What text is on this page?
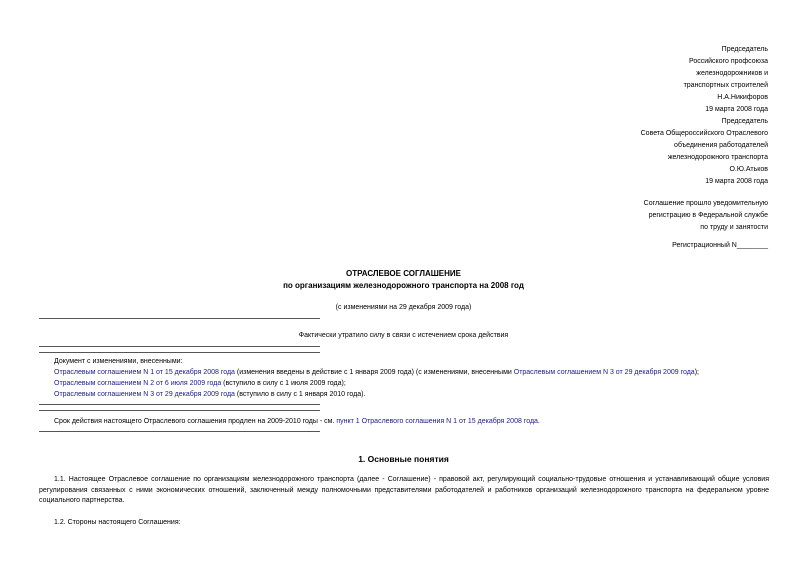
Председатель
Российского профсоюза
железнодорожников и
транспортных строителей
Н.А.Никифоров
19 марта 2008 года
Председатель
Совета Общероссийского Отраслевого
объединения работодателей
железнодорожного транспорта
О.Ю.Атьков
19 марта 2008 года
Соглашение прошло уведомительную
регистрацию в Федеральной службе
по труду и занятости
Регистрационный N________
ОТРАСЛЕВОЕ СОГЛАШЕНИЕ
по организациям железнодорожного транспорта на 2008 год
(с изменениями на 29 декабря 2009 года)
Фактически утратило силу в связи с истечением срока действия
Документ с изменениями, внесенными:
Отраслевым соглашением N 1 от 15 декабря 2008 года (изменения введены в действие с 1 января 2009 года) (с изменениями, внесенными Отраслевым соглашением N 3 от 29 декабря 2009 года);
Отраслевым соглашением N 2 от 6 июля 2009 года (вступило в силу с 1 июля 2009 года);
Отраслевым соглашением N 3 от 29 декабря 2009 года (вступило в силу с 1 января 2010 года).
Срок действия настоящего Отраслевого соглашения продлен на 2009-2010 годы - см. пункт 1 Отраслевого соглашения N 1 от 15 декабря 2008 года.
1. Основные понятия
1.1. Настоящее Отраслевое соглашение по организациям железнодорожного транспорта (далее - Соглашение) - правовой акт, регулирующий социально-трудовые отношения и устанавливающий общие условия регулирования связанных с ними экономических отношений, заключенный между полномочными представителями работодателей и работников организаций железнодорожного транспорта на федеральном уровне социального партнерства.
1.2. Стороны настоящего Соглашения:
